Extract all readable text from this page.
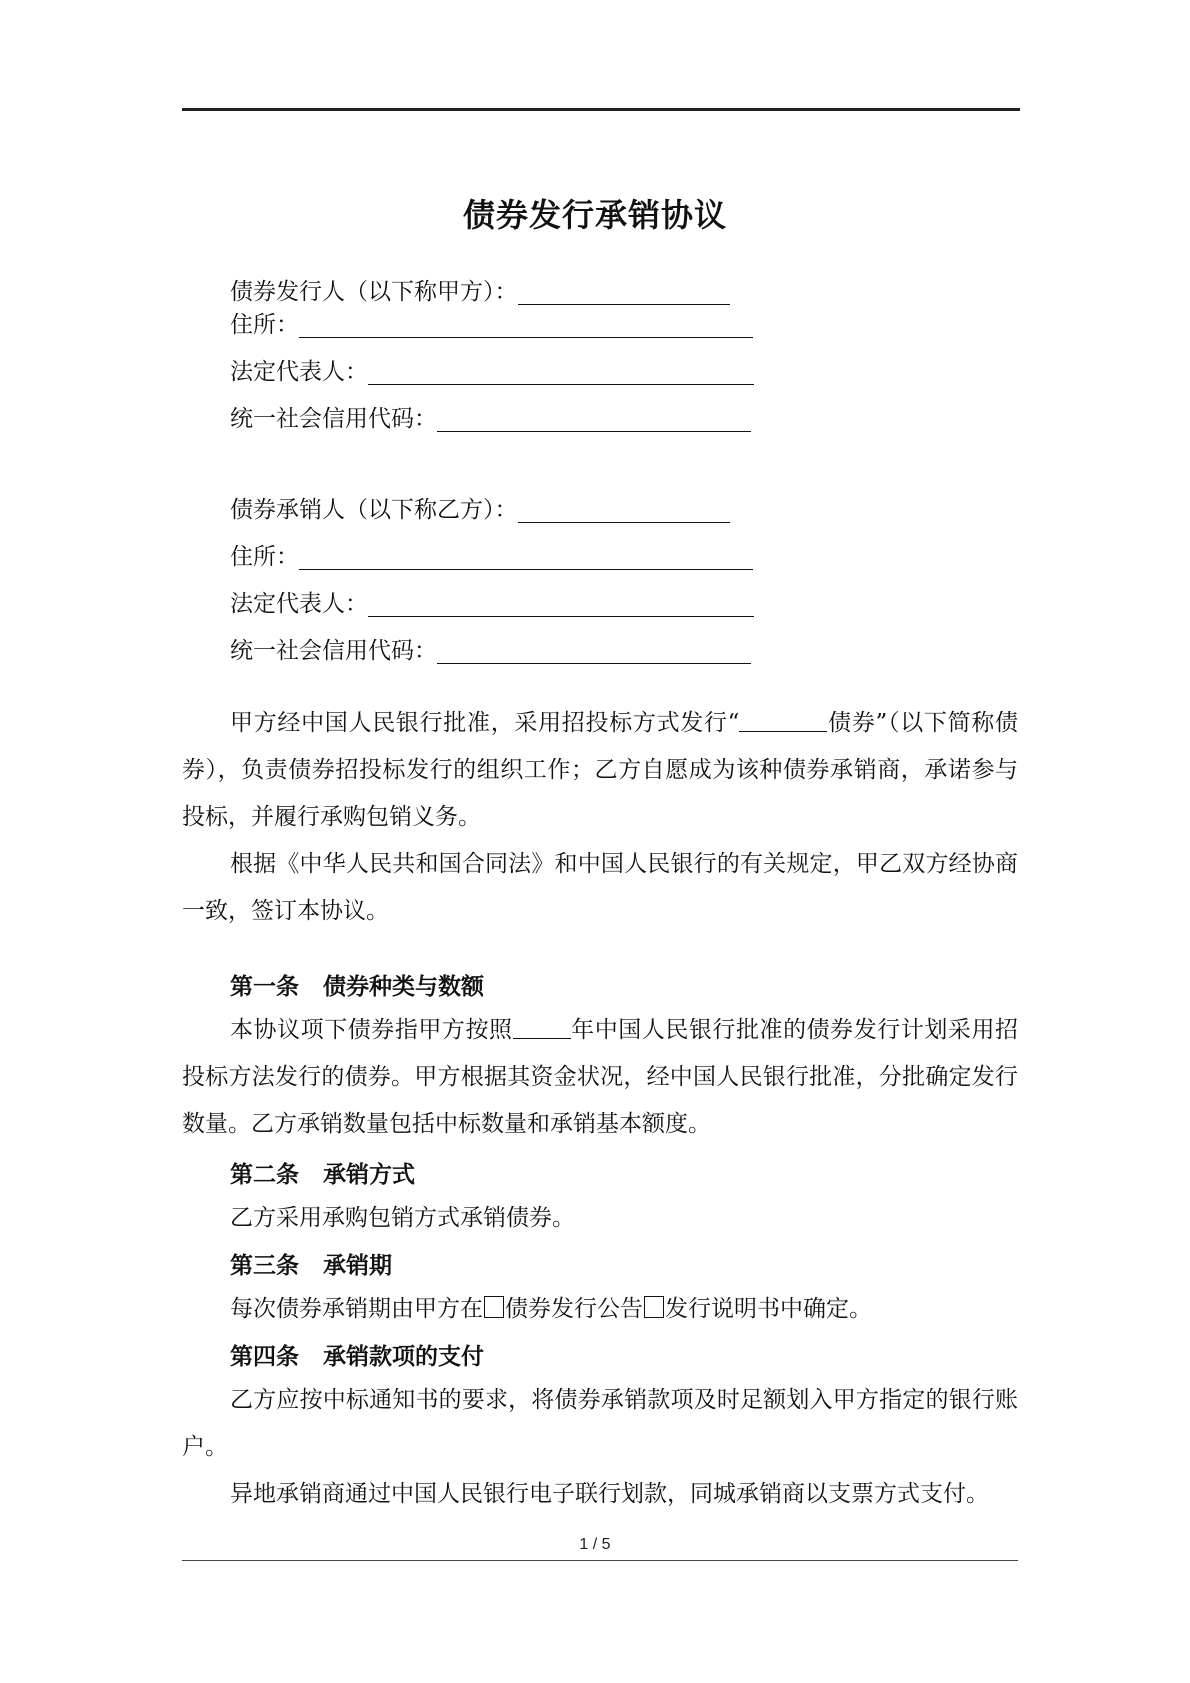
债券发行承销协议
债券发行人（以下称甲方）：
住所：
法定代表人：
统一社会信用代码：
债券承销人（以下称乙方）：
住所：
法定代表人：
统一社会信用代码：

甲方经中国人民银行批准，采用招投标方式发行“	债券”（以下简称债券），负责债券招投标发行的组织工作；乙方自愿成为该种债券承销商，承诺参与投标，并履行承购包销义务。

根据《中华人民共和国合同法》和中国人民银行的有关规定，甲乙双方经协商一致，签订本协议。

第一条 债券种类与数额

本协议项下债券指甲方按照	年中国人民银行批准的债券发行计划采用招投标方法发行的债券。甲方根据其资金状况，经中国人民银行批准，分批确定发行数量。乙方承销数量包括中标数量和承销基本额度。

第二条 承销方式

乙方采用承购包销方式承销债券。

第三条 承销期

每次债券承销期由甲方在 债券发行公告 发行说明书中确定。

第四条 承销款项的支付

乙方应按中标通知书的要求，将债券承销款项及时足额划入甲方指定的银行账户。

异地承销商通过中国人民银行电子联行划款，同城承销商以支票方式支付。

1 / 5
